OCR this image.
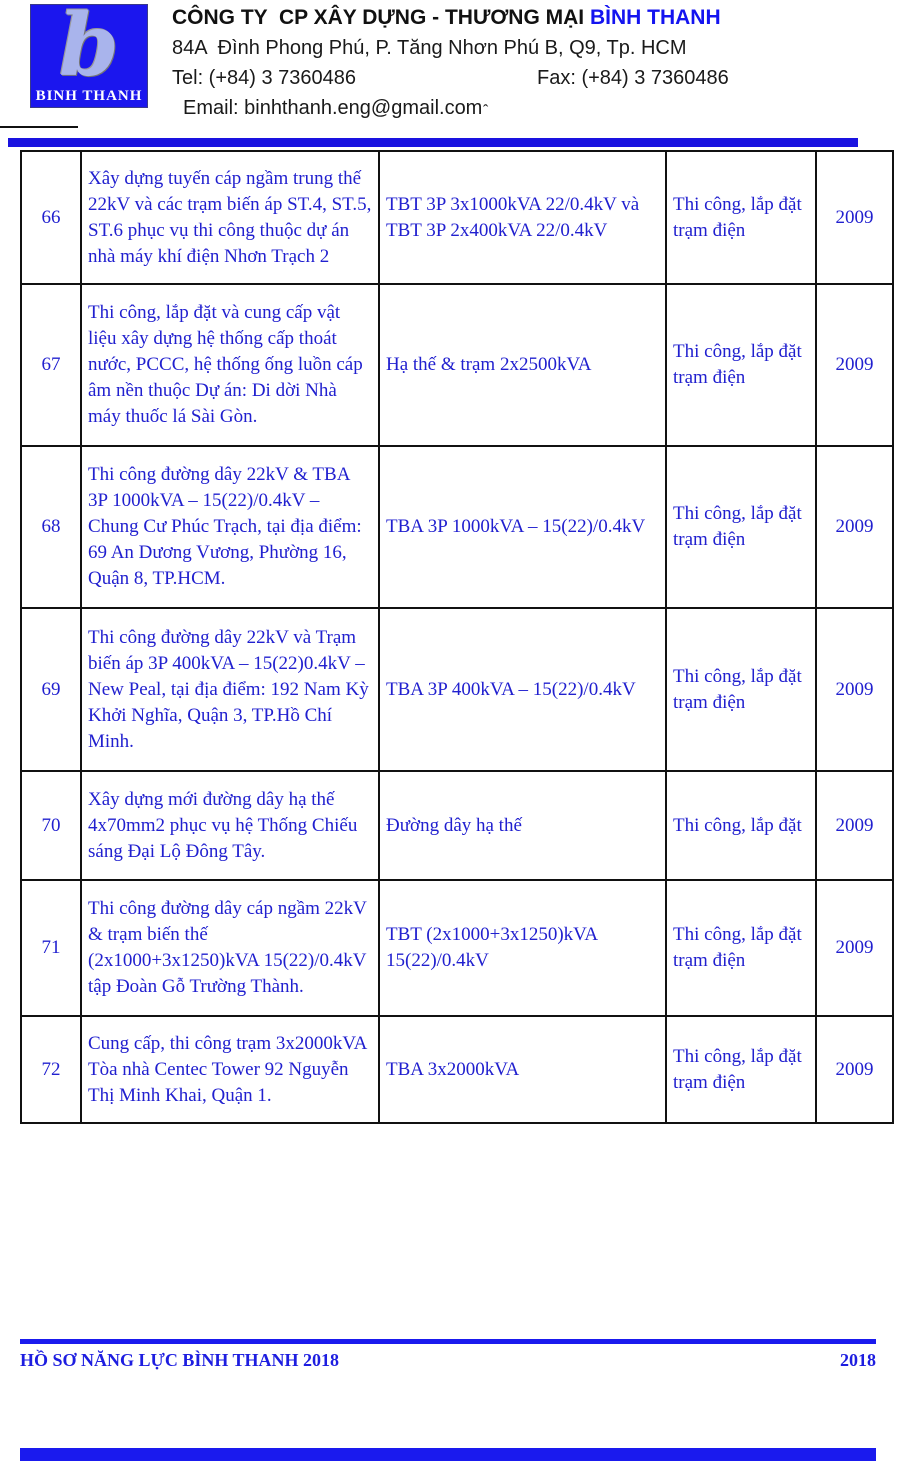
b
BINH THANH
CÔNG TY  CP XÂY DỰNG - THƯƠNG MẠI BÌNH THANH
84A  Đình Phong Phú, P. Tăng Nhơn Phú B, Q9, Tp. HCM
Tel: (+84) 3 7360486	Fax: (+84) 3 7360486
Email: binhthanh.eng@gmail.com ˆ
66	Xây dựng tuyến cáp ngầm trung thế 22kV và các trạm biến áp ST.4, ST.5, ST.6 phục vụ thi công thuộc dự án nhà máy khí điện Nhơn Trạch 2	TBT 3P 3x1000kVA 22/0.4kV và TBT 3P 2x400kVA 22/0.4kV	Thi công, lắp đặt trạm điện	2009
67	Thi công, lắp đặt và cung cấp vật liệu xây dựng hệ thống cấp thoát nước, PCCC, hệ thống ống luồn cáp âm nền thuộc Dự án: Di dời Nhà máy thuốc lá Sài Gòn.	Hạ thế & trạm 2x2500kVA	Thi công, lắp đặt trạm điện	2009
68	Thi công đường dây 22kV & TBA 3P 1000kVA – 15(22)/0.4kV – Chung Cư Phúc Trạch, tại địa điểm: 69 An Dương Vương, Phường 16, Quận 8, TP.HCM.	TBA 3P 1000kVA – 15(22)/0.4kV	Thi công, lắp đặt trạm điện	2009
69	Thi công đường dây 22kV và Trạm biến áp 3P 400kVA – 15(22)0.4kV – New Peal, tại địa điểm: 192 Nam Kỳ Khởi Nghĩa, Quận 3, TP.Hồ Chí Minh.	TBA 3P 400kVA – 15(22)/0.4kV	Thi công, lắp đặt trạm điện	2009
70	Xây dựng mới đường dây hạ thế 4x70mm2 phục vụ hệ Thống Chiếu sáng Đại Lộ Đông Tây.	Đường dây hạ thế	Thi công, lắp đặt	2009
71	Thi công đường dây cáp ngầm 22kV & trạm biến thế (2x1000+3x1250)kVA 15(22)/0.4kV tập Đoàn Gỗ Trường Thành.	TBT (2x1000+3x1250)kVA 15(22)/0.4kV	Thi công, lắp đặt trạm điện	2009
72	Cung cấp, thi công trạm 3x2000kVA Tòa nhà Centec Tower 92 Nguyễn Thị Minh Khai, Quận 1.	TBA 3x2000kVA	Thi công, lắp đặt trạm điện	2009
HỒ SƠ NĂNG LỰC BÌNH THANH 2018	2018
